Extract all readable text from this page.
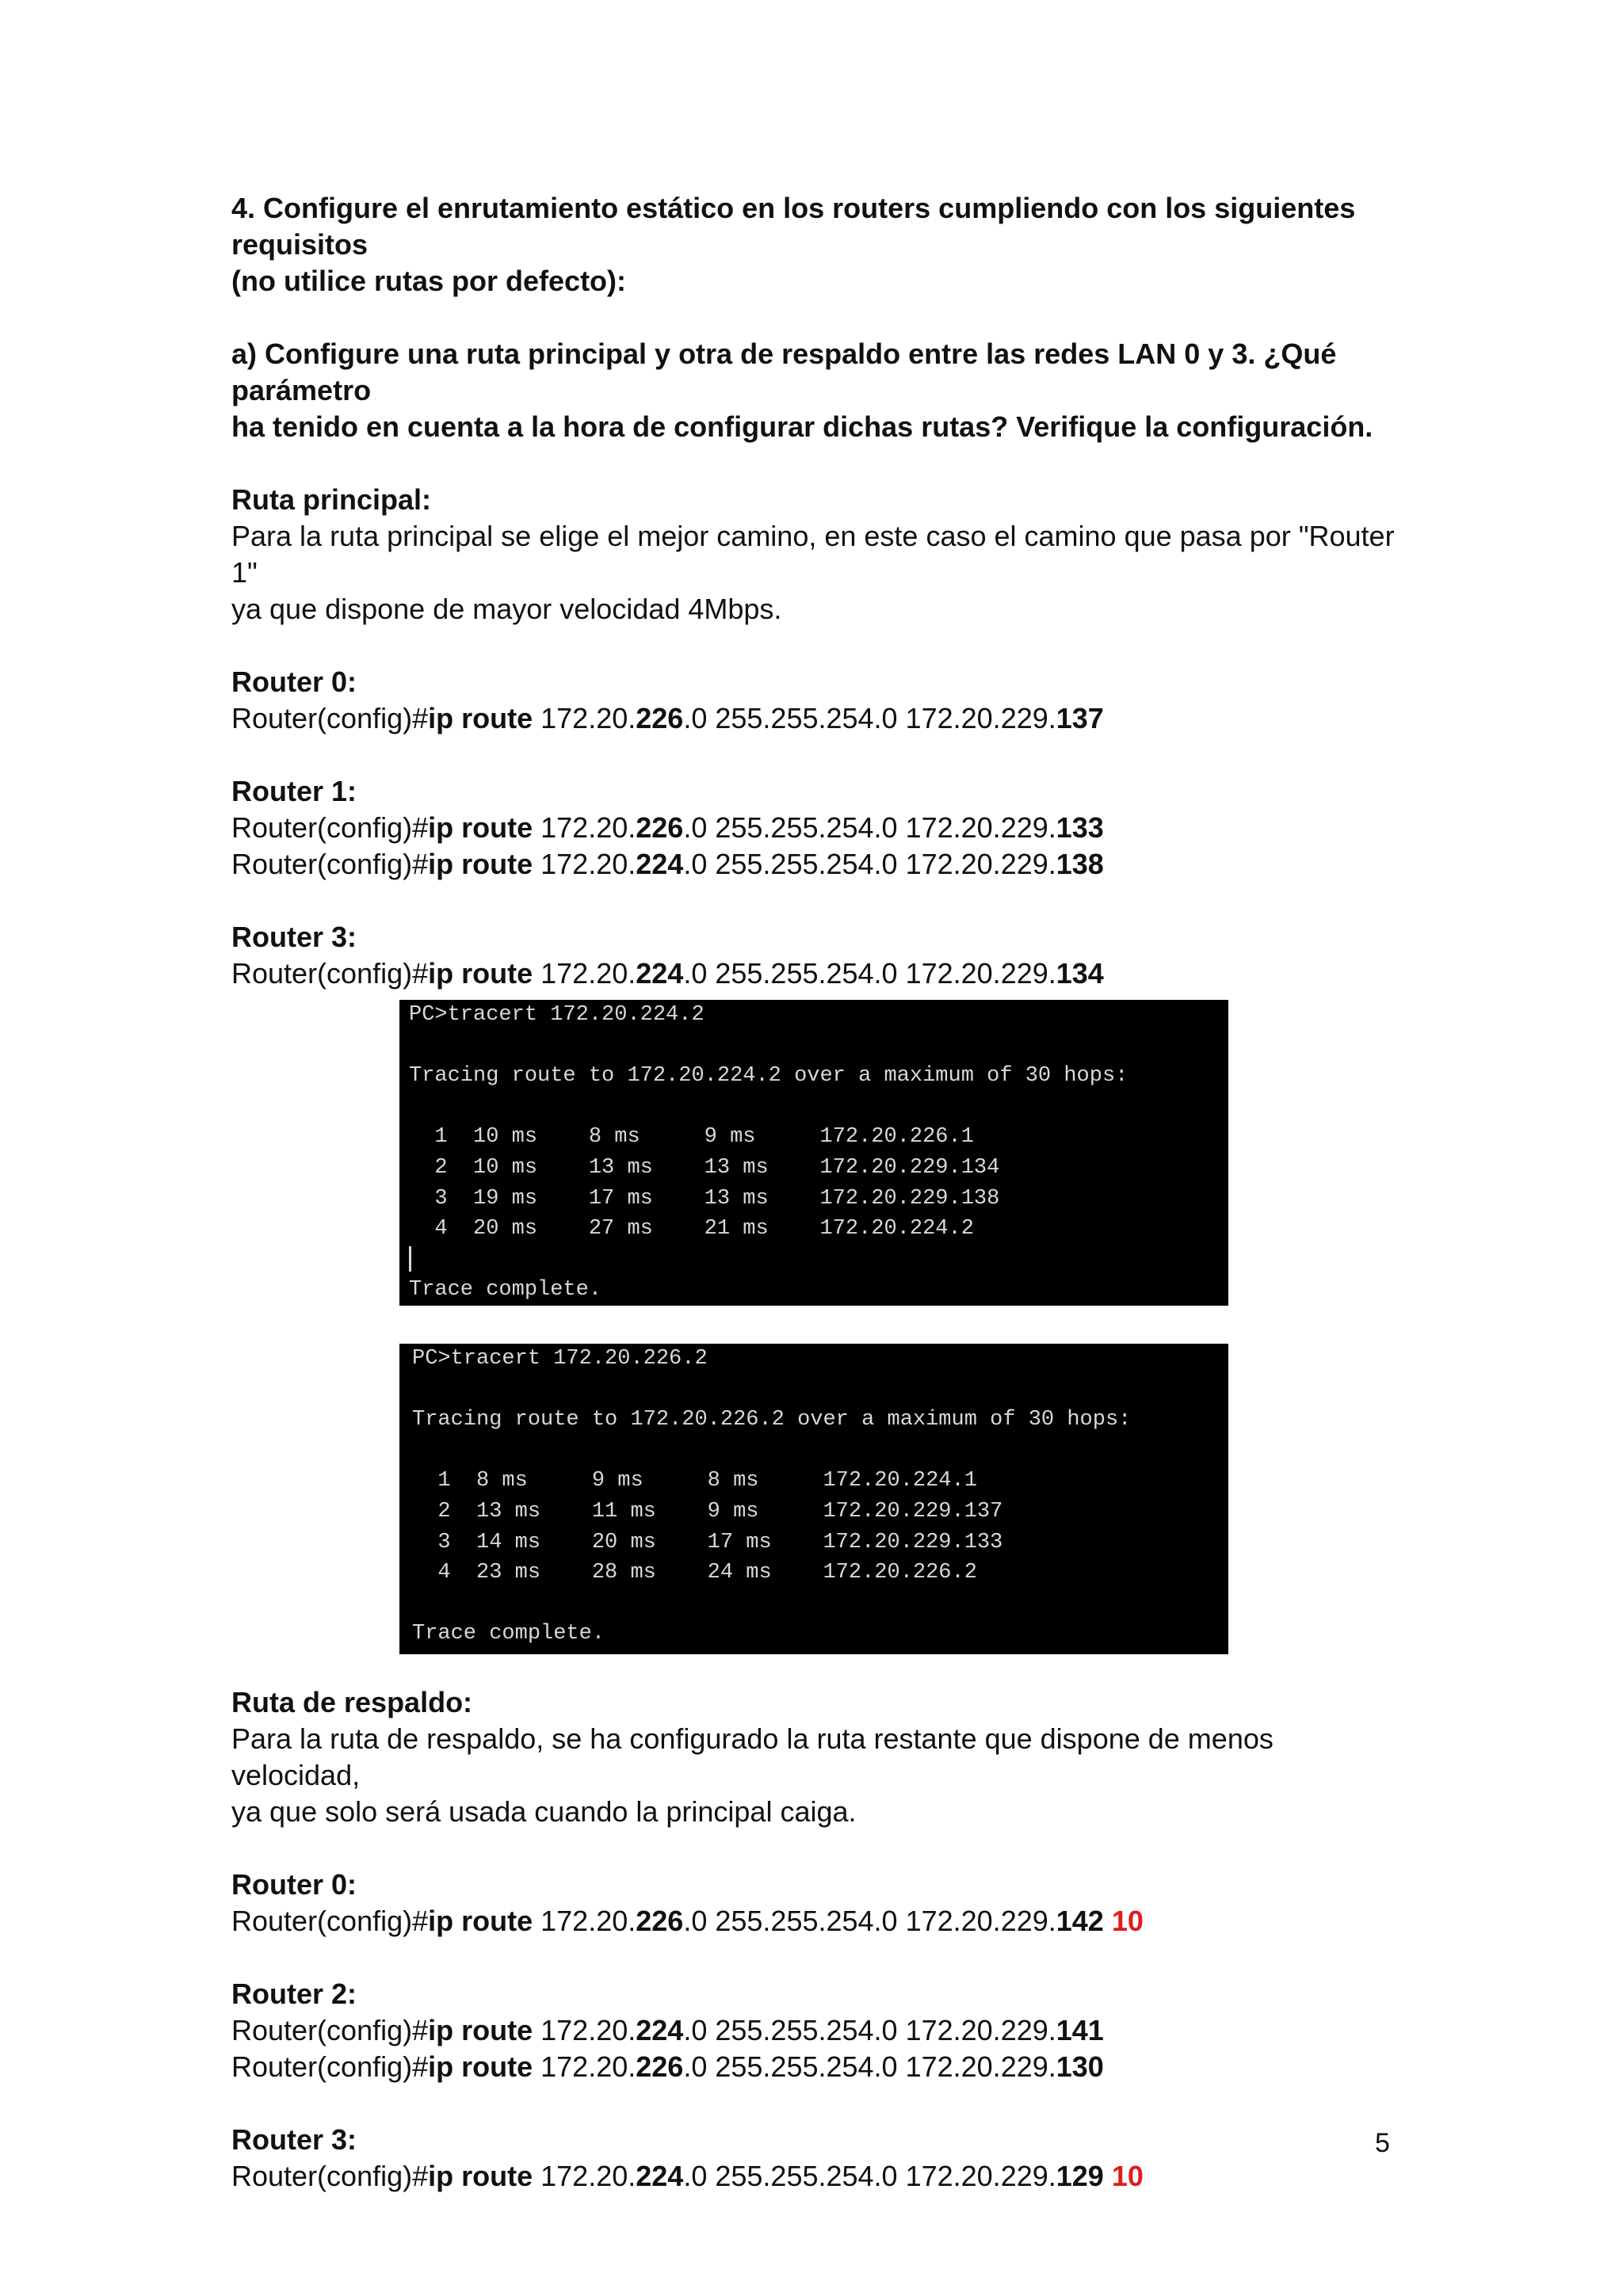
4. Configure el enrutamiento estático en los routers cumpliendo con los siguientes requisitos

(no utilice rutas por defecto):

a) Configure una ruta principal y otra de respaldo entre las redes LAN 0 y 3. ¿Qué parámetro

ha tenido en cuenta a la hora de configurar dichas rutas? Verifique la configuración.

Ruta principal:

Para la ruta principal se elige el mejor camino, en este caso el camino que pasa por "Router 1"

ya que dispone de mayor velocidad 4Mbps.

Router 0:

Router(config)#ip route 172.20.226.0 255.255.254.0 172.20.229.137

Router 1:

Router(config)#ip route 172.20.226.0 255.255.254.0 172.20.229.133

Router(config)#ip route 172.20.224.0 255.255.254.0 172.20.229.138

Router 3:

Router(config)#ip route 172.20.224.0 255.255.254.0 172.20.229.134

PC>tracert 172.20.224.2

Tracing route to 172.20.224.2 over a maximum of 30 hops:

1  10 ms    8 ms     9 ms     172.20.226.1
2  10 ms    13 ms    13 ms    172.20.229.134
3  19 ms    17 ms    13 ms    172.20.229.138
4  20 ms    27 ms    21 ms    172.20.224.2
Trace complete.
PC>tracert 172.20.226.2

Tracing route to 172.20.226.2 over a maximum of 30 hops:

1  8 ms     9 ms     8 ms     172.20.224.1
2  13 ms    11 ms    9 ms     172.20.229.137
3  14 ms    20 ms    17 ms    172.20.229.133
4  23 ms    28 ms    24 ms    172.20.226.2

Trace complete.

Ruta de respaldo:

Para la ruta de respaldo, se ha configurado la ruta restante que dispone de menos velocidad,

ya que solo será usada cuando la principal caiga.

Router 0:

Router(config)#ip route 172.20.226.0 255.255.254.0 172.20.229.142 10

Router 2:

Router(config)#ip route 172.20.224.0 255.255.254.0 172.20.229.141

Router(config)#ip route 172.20.226.0 255.255.254.0 172.20.229.130

Router 3:

Router(config)#ip route 172.20.224.0 255.255.254.0 172.20.229.129 10

5
